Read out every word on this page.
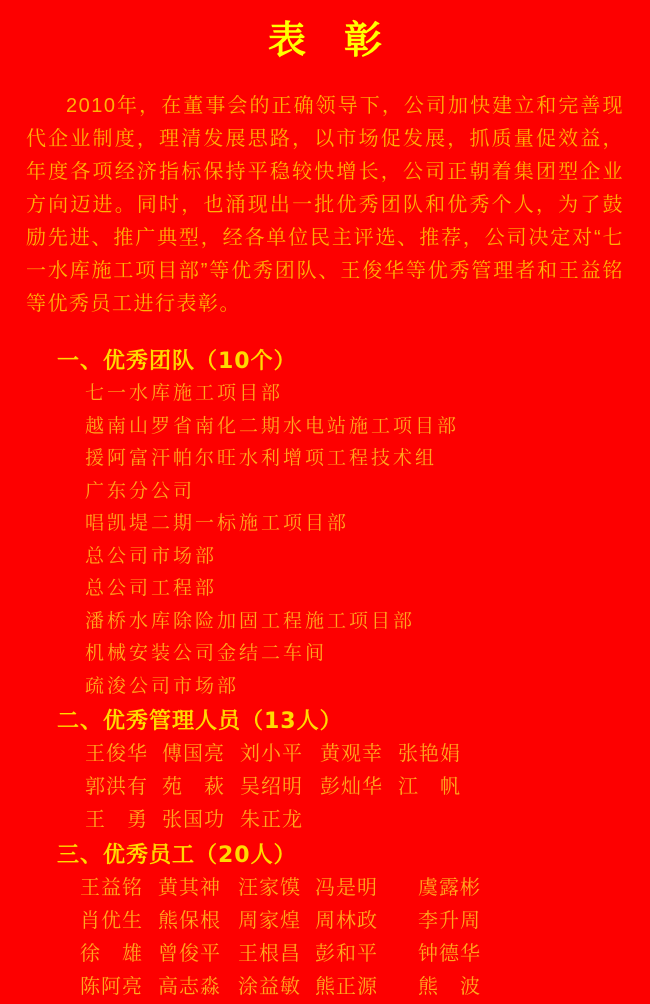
表　彰

2010年，在董事会的正确领导下，公司加快建立和完善现代企业制度，理清发展思路，以市场促发展，抓质量促效益，年度各项经济指标保持平稳较快增长，公司正朝着集团型企业方向迈进。同时，也涌现出一批优秀团队和优秀个人，为了鼓励先进、推广典型，经各单位民主评选、推荐，公司决定对“七一水库施工项目部”等优秀团队、王俊华等优秀管理者和王益铭等优秀员工进行表彰。

一、优秀团队（10个）
七一水库施工项目部
越南山罗省南化二期水电站施工项目部
援阿富汗帕尔旺水利增项工程技术组
广东分公司
唱凯堤二期一标施工项目部
总公司市场部
总公司工程部
潘桥水库除险加固工程施工项目部
机械安装公司金结二车间
疏浚公司市场部
二、优秀管理人员（13人）
王俊华 傅国亮 刘小平 黄观幸 张艳娟
郭洪有 苑　萩 吴绍明 彭灿华 江　帆
王　勇 张国功 朱正龙
三、优秀员工（20人）
王益铭 黄其神 汪家馍 冯是明	虞露彬
肖优生 熊保根 周家煌 周林政	李升周
徐　雄 曾俊平 王根昌 彭和平	钟德华
陈阿亮 高志淼 涂益敏 熊正源	熊　波
